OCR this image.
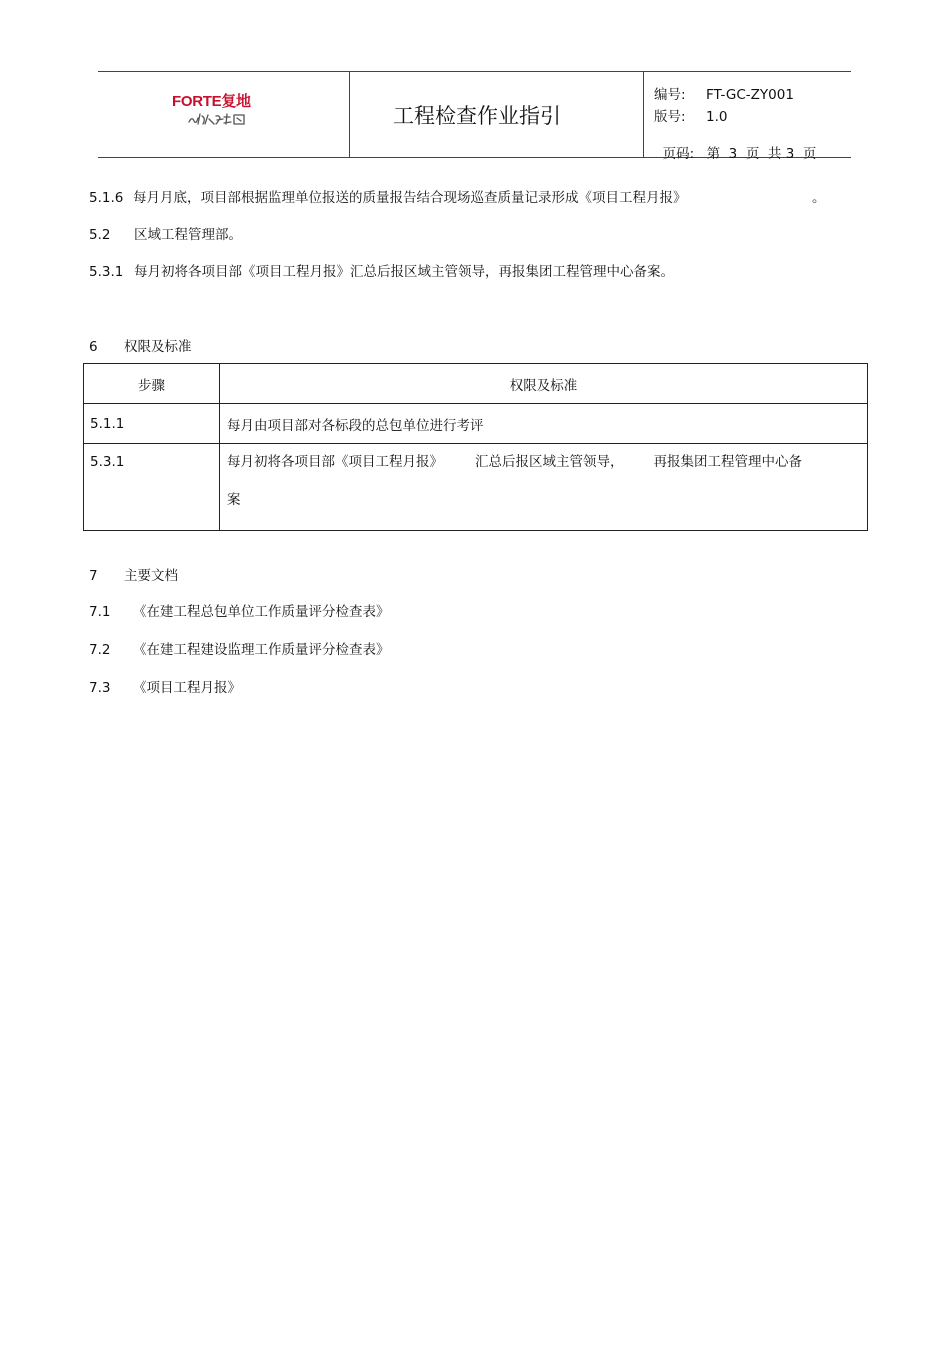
FORTE复地
工程检查作业指引
编号: FT-GC-ZY001
版号: 1.0

页码: 第  3  页  共 3  页

5.1.6 每月月底，项目部根据监理单位报送的质量报告结合现场巡查质量记录形成《项目工程月报》	。
5.2 区域工程管理部。
5.3.1 每月初将各项目部《项目工程月报》汇总后报区域主管领导，再报集团工程管理中心备案。
6 权限及标准
步骤	权限及标准
5.1.1	每月由项目部对各标段的总包单位进行考评
5.3.1	每月初将各项目部《项目工程月报》 汇总后报区域主管领导， 再报集团工程管理中心备

案

7 主要文档
7.1 《在建工程总包单位工作质量评分检查表》
7.2 《在建工程建设监理工作质量评分检查表》
7.3 《项目工程月报》
